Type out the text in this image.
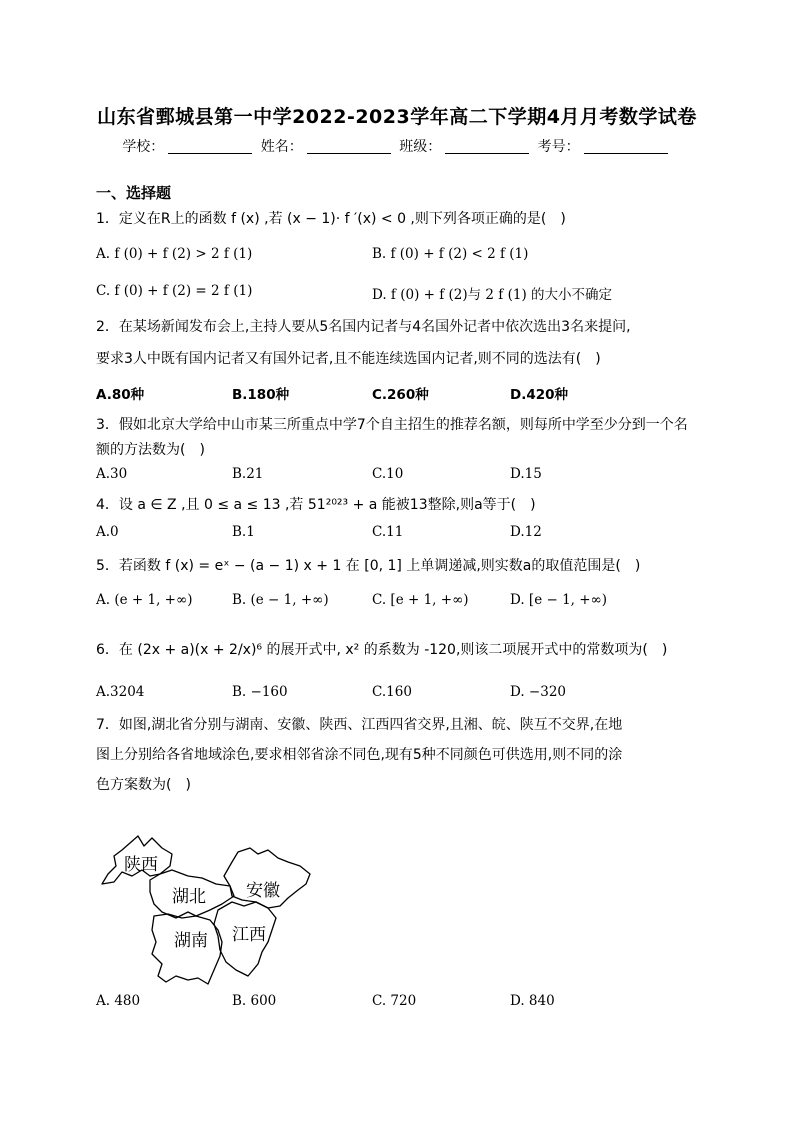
山东省鄄城县第一中学2022-2023学年高二下学期4月月考数学试卷
学校：	姓名：	班级：	考号：
一、选择题
1．定义在R上的函数 f (x) ,若 (x − 1)· f ′(x) < 0 ,则下列各项正确的是(　)
A. f (0) + f (2) > 2 f (1)	B. f (0) + f (2) < 2 f (1)
C. f (0) + f (2) = 2 f (1)	D. f (0) + f (2)与 2 f (1) 的大小不确定
2．在某场新闻发布会上,主持人要从5名国内记者与4名国外记者中依次选出3名来提问,
要求3人中既有国内记者又有国外记者,且不能连续选国内记者,则不同的选法有(　)
A.80种	B.180种	C.260种	D.420种
3．假如北京大学给中山市某三所重点中学7个自主招生的推荐名额，则每所中学至少分到一个名
额的方法数为(　)
A.30	B.21	C.10	D.15
4．设 a ∈ Z ,且 0 ≤ a ≤ 13 ,若 51²⁰²³ + a 能被13整除,则a等于(　)
A.0	B.1	C.11	D.12
5．若函数 f (x) = eˣ − (a − 1) x + 1 在 [0, 1] 上单调递减,则实数a的取值范围是(　)
A. (e + 1, +∞)	B. (e − 1, +∞)	C. [e + 1, +∞)	D. [e − 1, +∞)
6．在 (2x + a)(x + 2/x)⁶ 的展开式中, x² 的系数为 -120,则该二项展开式中的常数项为(　)
A.3204	B. −160	C.160	D. −320
7．如图,湖北省分别与湖南、安徽、陕西、江西四省交界,且湘、皖、陕互不交界,在地
图上分别给各省地域涂色,要求相邻省涂不同色,现有5种不同颜色可供选用,则不同的涂
色方案数为(　)
陕西
湖北 安徽
湖南 江西
A. 480	B. 600	C. 720	D. 840
